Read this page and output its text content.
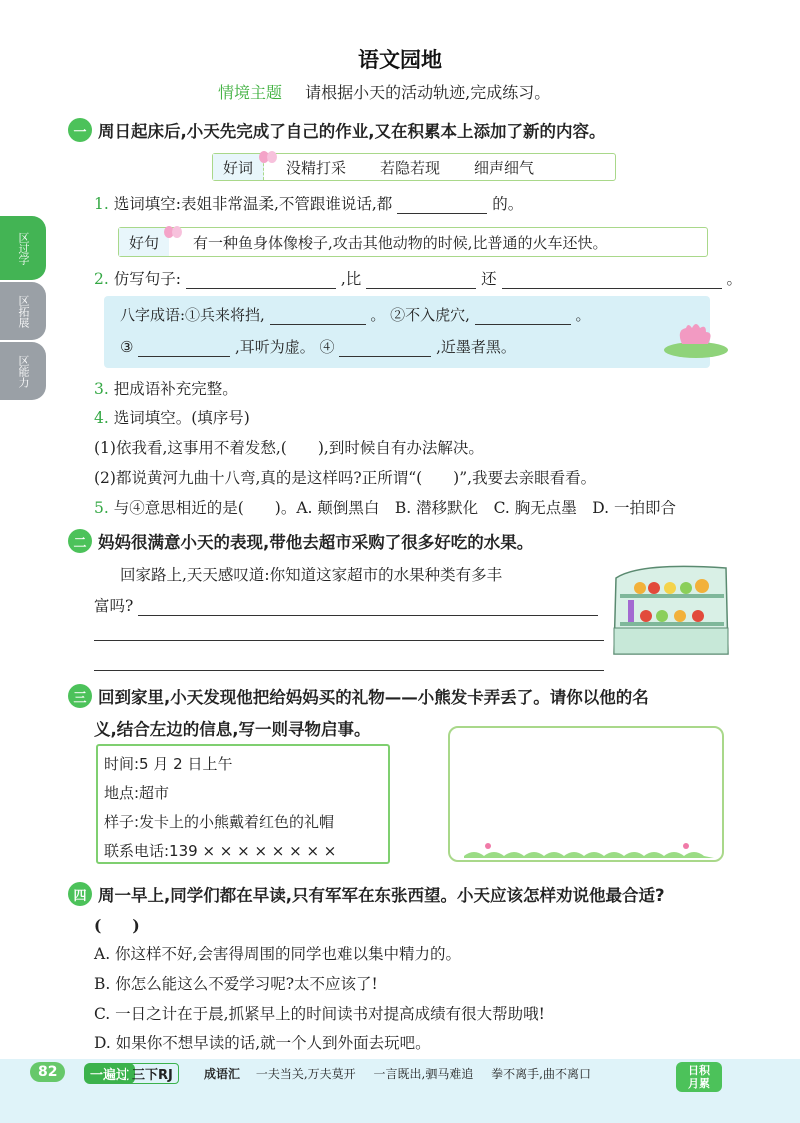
语文园地
情境主题 请根据小天的活动轨迹,完成练习。
区过学
区拓展
区能力
一 周日起床后,小天先完成了自己的作业,又在积累本上添加了新的内容。
好词	没精打采 若隐若现 细声细气
1. 选词填空:表姐非常温柔,不管跟谁说话,都	的。
好句	有一种鱼身体像梭子,攻击其他动物的时候,比普通的火车还快。
2. 仿写句子:	,比	还	。
八字成语:①兵来将挡,	。 ②不入虎穴,	。
③	,耳听为虚。 ④	,近墨者黑。
3. 把成语补充完整。
4. 选词填空。(填序号)
(1)依我看,这事用不着发愁,(　　),到时候自有办法解决。
(2)都说黄河九曲十八弯,真的是这样吗?正所谓“(　　)”,我要去亲眼看看。
5. 与④意思相近的是(　　)。A. 颠倒黑白　B. 潜移默化　C. 胸无点墨　D. 一拍即合
二 妈妈很满意小天的表现,带他去超市采购了很多好吃的水果。
回家路上,天天感叹道:你知道这家超市的水果种类有多丰
富吗?
三 回到家里,小天发现他把给妈妈买的礼物——小熊发卡弄丢了。请你以他的名
义,结合左边的信息,写一则寻物启事。
时间:5 月 2 日上午
地点:超市
样子:发卡上的小熊戴着红色的礼帽
联系电话:139 × × × × × × × ×
四 周一早上,同学们都在早读,只有军军在东张西望。小天应该怎样劝说他最合适?
(　　)
A. 你这样不好,会害得周围的同学也难以集中精力的。
B. 你怎么能这么不爱学习呢?太不应该了!
C. 一日之计在于晨,抓紧早上的时间读书对提高成绩有很大帮助哦!
D. 如果你不想早读的话,就一个人到外面去玩吧。
82	一遍过 三下RJ	成语汇 一夫当关,万夫莫开 一言既出,驷马难追 拳不离手,曲不离口	日积
月累
